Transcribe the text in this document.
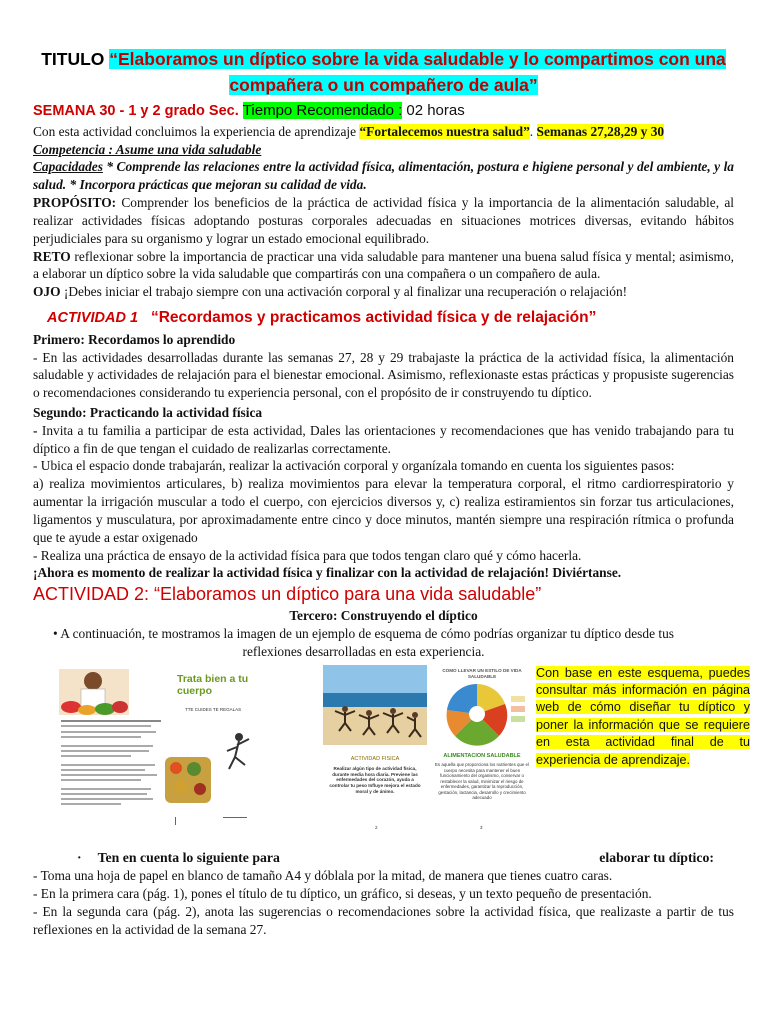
TITULO “Elaboramos un díptico sobre la vida saludable y lo compartimos con una compañera o un compañero de aula”
SEMANA 30 - 1 y 2 grado Sec. Tiempo Recomendado : 02 horas

Con esta actividad concluimos la experiencia de aprendizaje “Fortalecemos nuestra salud”. Semanas 27,28,29 y 30

Competencia : Asume una vida saludable

Capacidades * Comprende las relaciones entre la actividad física, alimentación, postura e higiene personal y del ambiente, y la salud. * Incorpora prácticas que mejoran su calidad de vida.

PROPÓSITO: Comprender los beneficios de la práctica de actividad física y la importancia de la alimentación saludable, al realizar actividades físicas adoptando posturas corporales adecuadas en situaciones motrices diversas, evitando hábitos perjudiciales para su organismo y lograr un estado emocional equilibrado.

RETO reflexionar sobre la importancia de practicar una vida saludable para mantener una buena salud física y mental; asimismo, a elaborar un díptico sobre la vida saludable que compartirás con una compañera o un compañero de aula.

OJO ¡Debes iniciar el trabajo siempre con una activación corporal y al finalizar una recuperación o relajación!

ACTIVIDAD 1 “Recordamos y practicamos actividad física y de relajación”

Primero: Recordamos lo aprendido

- En las actividades desarrolladas durante las semanas 27, 28 y 29 trabajaste la práctica de la actividad física, la alimentación saludable y actividades de relajación para el bienestar emocional. Asimismo, reflexionaste estas prácticas y propusiste sugerencias o recomendaciones considerando tu experiencia personal, con el propósito de ir construyendo tu díptico.

Segundo: Practicando la actividad física

- Invita a tu familia a participar de esta actividad, Dales las orientaciones y recomendaciones que has venido trabajando para tu díptico a fin de que tengan el cuidado de realizarlas correctamente.

- Ubica el espacio donde trabajarán, realizar la activación corporal y organízala tomando en cuenta los siguientes pasos:

a) realiza movimientos articulares, b) realiza movimientos para elevar la temperatura corporal, el ritmo cardiorrespiratorio y aumentar la irrigación muscular a todo el cuerpo, con ejercicios diversos y, c) realiza estiramientos sin forzar tus articulaciones, ligamentos y musculatura, por aproximadamente entre cinco y doce minutos, mantén siempre una respiración rítmica o profunda que te ayude a estar oxigenado

- Realiza una práctica de ensayo de la actividad física para que todos tengan claro qué y cómo hacerla.

¡Ahora es momento de realizar la actividad física y finalizar con la actividad de relajación! Diviértanse.

ACTIVIDAD 2: “Elaboramos un díptico para una vida saludable”

Tercero: Construyendo el díptico

• A continuación, te mostramos la imagen de un ejemplo de esquema de cómo podrías organizar tu díptico desde tus reflexiones desarrolladas en esta experiencia.

Trata bien a tu cuerpo
TTE CUIDES TE REGALAS
ACTIVIDAD FISICA
Realizar algún tipo de actividad física, durante media hora diaria. Previene las enfermedades del corazón, ayuda a controlar tu peso Influye mejora el estado moral y de ánimo.
2
COMO LLEVAR UN ESTILO DE VIDA SALUDABLE
ALIMENTACION SALUDABLE
Es aquella que proporciona los nutrientes que el cuerpo necesita para mantener el buen funcionamiento del organismo, conservar o restablecer la salud, minimizar el riesgo de enfermedades, garantizar la reproducción, gestación, lactancia, desarrollo y crecimiento adecuado
3
Con base en este esquema, puedes consultar más información en página web de cómo diseñar tu díptico y poner la información que se requiere en esta actividad final de tu experiencia de aprendizaje.
· Ten en cuenta lo siguiente para	elaborar tu díptico:

- Toma una hoja de papel en blanco de tamaño A4 y dóblala por la mitad, de manera que tienes cuatro caras.

- En la primera cara (pág. 1), pones el título de tu díptico, un gráfico, si deseas, y un texto pequeño de presentación.

- En la segunda cara (pág. 2), anota las sugerencias o recomendaciones sobre la actividad física, que realizaste a partir de tus reflexiones en la actividad de la semana 27.
